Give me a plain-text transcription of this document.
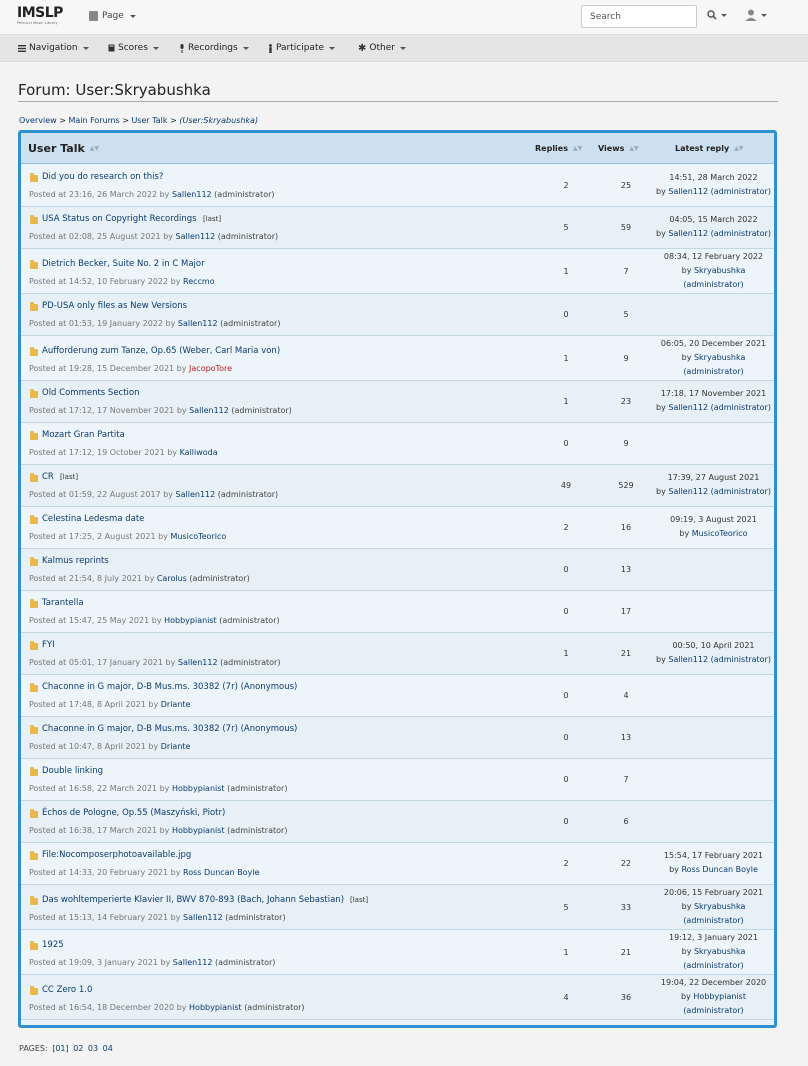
IMSLP
Petrucci Music Library
Page
Search
Navigation	Scores	Recordings	Participate	✱ Other
Forum: User:Skryabushka
Overview > Main Forums > User Talk > (User:Skryabushka)
User Talk ▲▼	Replies ▲▼ Views ▲▼	Latest reply ▲▼
Did you do research on this?
Posted at 23:16, 26 March 2022 by Sallen112 (administrator)
2	25
14:51, 28 March 2022
by Sallen112 (administrator)
USA Status on Copyright Recordings [last]
Posted at 02:08, 25 August 2021 by Sallen112 (administrator)
5	59
04:05, 15 March 2022
by Sallen112 (administrator)
Dietrich Becker, Suite No. 2 in C Major
Posted at 14:52, 10 February 2022 by Reccmo
1	7
08:34, 12 February 2022
by Skryabushka
(administrator)
PD-USA only files as New Versions
Posted at 01:53, 19 January 2022 by Sallen112 (administrator)
0	5
Aufforderung zum Tanze, Op.65 (Weber, Carl Maria von)
Posted at 19:28, 15 December 2021 by JacopoTore
1	9
06:05, 20 December 2021
by Skryabushka
(administrator)
Old Comments Section
Posted at 17:12, 17 November 2021 by Sallen112 (administrator)
1	23
17:18, 17 November 2021
by Sallen112 (administrator)
Mozart Gran Partita
Posted at 17:12, 19 October 2021 by Kalliwoda
0	9
CR [last]
Posted at 01:59, 22 August 2017 by Sallen112 (administrator)
49	529
17:39, 27 August 2021
by Sallen112 (administrator)
Celestina Ledesma date
Posted at 17:25, 2 August 2021 by MusicoTeorico
2	16
09:19, 3 August 2021
by MusicoTeorico
Kalmus reprints
Posted at 21:54, 8 July 2021 by Carolus (administrator)
0	13
Tarantella
Posted at 15:47, 25 May 2021 by Hobbypianist (administrator)
0	17
FYI
Posted at 05:01, 17 January 2021 by Sallen112 (administrator)
1	21
00:50, 10 April 2021
by Sallen112 (administrator)
Chaconne in G major, D-B Mus.ms. 30382 (7r) (Anonymous)
Posted at 17:48, 8 April 2021 by Driante
0	4
Chaconne in G major, D-B Mus.ms. 30382 (7r) (Anonymous)
Posted at 10:47, 8 April 2021 by Driante
0	13
Double linking
Posted at 16:58, 22 March 2021 by Hobbypianist (administrator)
0	7
Échos de Pologne, Op.55 (Maszyński, Piotr)
Posted at 16:38, 17 March 2021 by Hobbypianist (administrator)
0	6
File:Nocomposerphotoavailable.jpg
Posted at 14:33, 20 February 2021 by Ross Duncan Boyle
2	22
15:54, 17 February 2021
by Ross Duncan Boyle
Das wohltemperierte Klavier II, BWV 870-893 (Bach, Johann Sebastian) [last]
Posted at 15:13, 14 February 2021 by Sallen112 (administrator)
5	33
20:06, 15 February 2021
by Skryabushka
(administrator)
1925
Posted at 19:09, 3 January 2021 by Sallen112 (administrator)
1	21
19:12, 3 January 2021
by Skryabushka
(administrator)
CC Zero 1.0
Posted at 16:54, 18 December 2020 by Hobbypianist (administrator)
4	36
19:04, 22 December 2020
by Hobbypianist
(administrator)
PAGES: [01] 02 03 04
